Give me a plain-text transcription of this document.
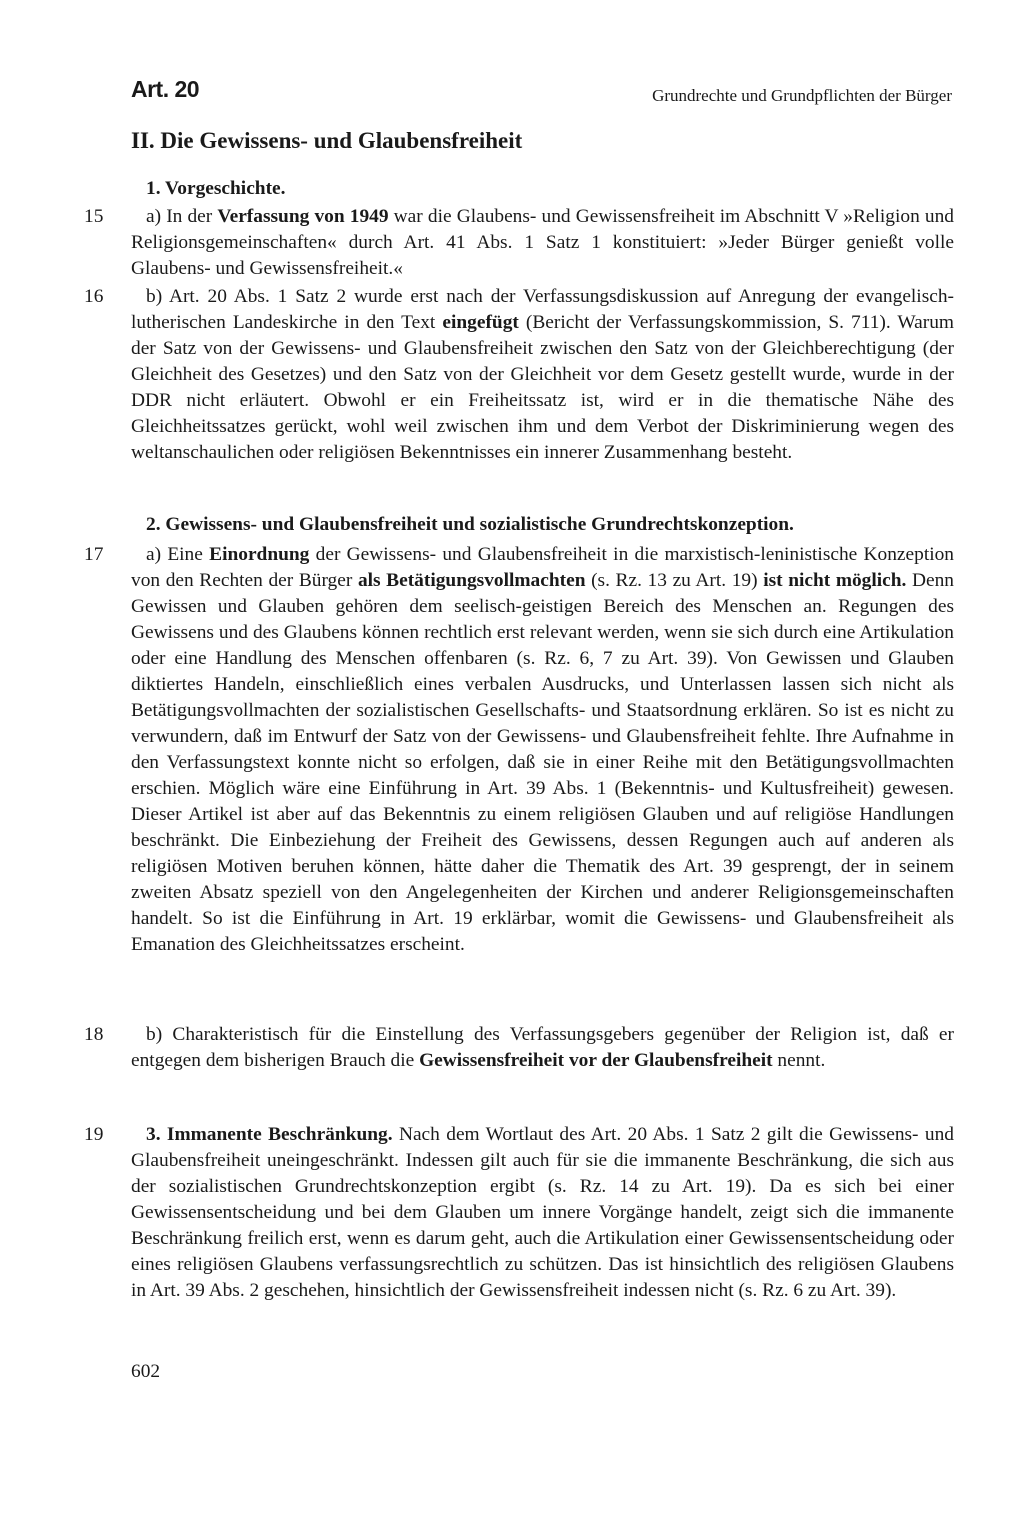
Art. 20	Grundrechte und Grundpflichten der Bürger
II. Die Gewissens- und Glaubensfreiheit

1. Vorgeschichte.

15	a) In der Verfassung von 1949 war die Glaubens- und Gewissensfreiheit im Abschnitt V »Religion und Religionsgemeinschaften« durch Art. 41 Abs. 1 Satz 1 konstituiert: »Jeder Bürger genießt volle Glaubens- und Gewissensfreiheit.«

16	b) Art. 20 Abs. 1 Satz 2 wurde erst nach der Verfassungsdiskussion auf Anregung der evangelisch-lutherischen Landeskirche in den Text eingefügt (Bericht der Verfassungskommission, S. 711). Warum der Satz von der Gewissens- und Glaubensfreiheit zwischen den Satz von der Gleichberechtigung (der Gleichheit des Gesetzes) und den Satz von der Gleichheit vor dem Gesetz gestellt wurde, wurde in der DDR nicht erläutert. Obwohl er ein Freiheitssatz ist, wird er in die thematische Nähe des Gleichheitssatzes gerückt, wohl weil zwischen ihm und dem Verbot der Diskriminierung wegen des weltanschaulichen oder religiösen Bekenntnisses ein innerer Zusammenhang besteht.

2. Gewissens- und Glaubensfreiheit und sozialistische Grundrechtskonzeption.

17	a) Eine Einordnung der Gewissens- und Glaubensfreiheit in die marxistisch-leninistische Konzeption von den Rechten der Bürger als Betätigungsvollmachten (s. Rz. 13 zu Art. 19) ist nicht möglich. Denn Gewissen und Glauben gehören dem seelisch-geistigen Bereich des Menschen an. Regungen des Gewissens und des Glaubens können rechtlich erst relevant werden, wenn sie sich durch eine Artikulation oder eine Handlung des Menschen offenbaren (s. Rz. 6, 7 zu Art. 39). Von Gewissen und Glauben diktiertes Handeln, einschließlich eines verbalen Ausdrucks, und Unterlassen lassen sich nicht als Betätigungsvollmachten der sozialistischen Gesellschafts- und Staatsordnung erklären. So ist es nicht zu verwundern, daß im Entwurf der Satz von der Gewissens- und Glaubensfreiheit fehlte. Ihre Aufnahme in den Verfassungstext konnte nicht so erfolgen, daß sie in einer Reihe mit den Betätigungsvollmachten erschien. Möglich wäre eine Einführung in Art. 39 Abs. 1 (Bekenntnis- und Kultusfreiheit) gewesen. Dieser Artikel ist aber auf das Bekenntnis zu einem religiösen Glauben und auf religiöse Handlungen beschränkt. Die Einbeziehung der Freiheit des Gewissens, dessen Regungen auch auf anderen als religiösen Motiven beruhen können, hätte daher die Thematik des Art. 39 gesprengt, der in seinem zweiten Absatz speziell von den Angelegenheiten der Kirchen und anderer Religionsgemeinschaften handelt. So ist die Einführung in Art. 19 erklärbar, womit die Gewissens- und Glaubensfreiheit als Emanation des Gleichheitssatzes erscheint.

18	b) Charakteristisch für die Einstellung des Verfassungsgebers gegenüber der Religion ist, daß er entgegen dem bisherigen Brauch die Gewissensfreiheit vor der Glaubensfreiheit nennt.

19	3. Immanente Beschränkung. Nach dem Wortlaut des Art. 20 Abs. 1 Satz 2 gilt die Gewissens- und Glaubensfreiheit uneingeschränkt. Indessen gilt auch für sie die immanente Beschränkung, die sich aus der sozialistischen Grundrechtskonzeption ergibt (s. Rz. 14 zu Art. 19). Da es sich bei einer Gewissensentscheidung und bei dem Glauben um innere Vorgänge handelt, zeigt sich die immanente Beschränkung freilich erst, wenn es darum geht, auch die Artikulation einer Gewissensentscheidung oder eines religiösen Glaubens verfassungsrechtlich zu schützen. Das ist hinsichtlich des religiösen Glaubens in Art. 39 Abs. 2 geschehen, hinsichtlich der Gewissensfreiheit indessen nicht (s. Rz. 6 zu Art. 39).

602
